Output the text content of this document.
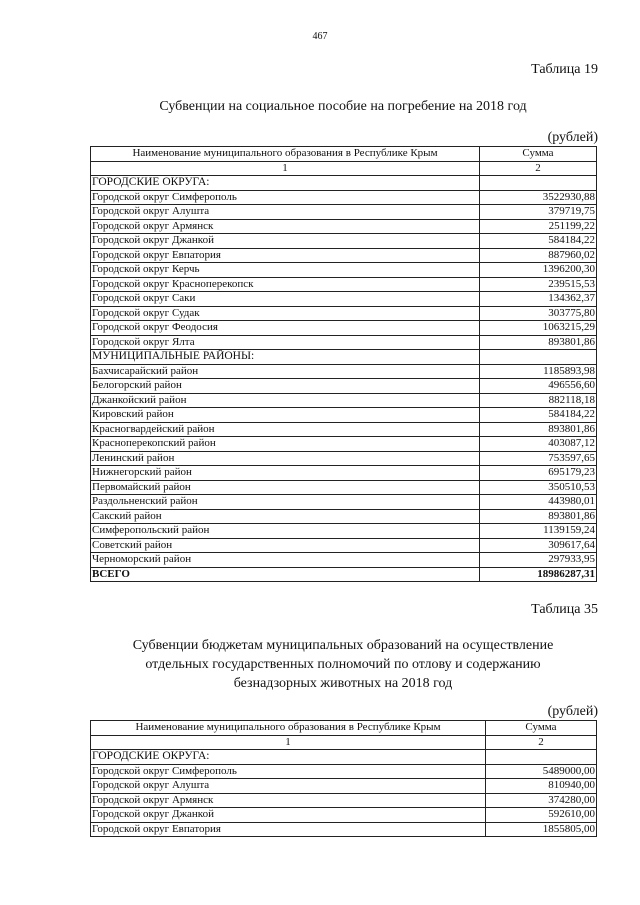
467
Таблица 19
Субвенции на социальное пособие на погребение на 2018 год
(рублей)
Наименование муниципального образования в Республике Крым	Сумма
1	2
ГОРОДСКИЕ ОКРУГА:	
Городской округ Симферополь	3522930,88
Городской округ Алушта	379719,75
Городской округ Армянск	251199,22
Городской округ Джанкой	584184,22
Городской округ Евпатория	887960,02
Городской округ Керчь	1396200,30
Городской округ Красноперекопск	239515,53
Городской округ Саки	134362,37
Городской округ Судак	303775,80
Городской округ Феодосия	1063215,29
Городской округ Ялта	893801,86
МУНИЦИПАЛЬНЫЕ РАЙОНЫ:	
Бахчисарайский район	1185893,98
Белогорский район	496556,60
Джанкойский район	882118,18
Кировский район	584184,22
Красногвардейский район	893801,86
Красноперекопский район	403087,12
Ленинский район	753597,65
Нижнегорский район	695179,23
Первомайский район	350510,53
Раздольненский район	443980,01
Сакский район	893801,86
Симферопольский район	1139159,24
Советский район	309617,64
Черноморский район	297933,95
ВСЕГО	18986287,31
Таблица 35
Субвенции бюджетам муниципальных образований на осуществление
отдельных государственных полномочий по отлову и содержанию
безнадзорных животных на 2018 год
(рублей)
Наименование муниципального образования в Республике Крым	Сумма
1	2
ГОРОДСКИЕ ОКРУГА:	
Городской округ Симферополь	5489000,00
Городской округ Алушта	810940,00
Городской округ Армянск	374280,00
Городской округ Джанкой	592610,00
Городской округ Евпатория	1855805,00
